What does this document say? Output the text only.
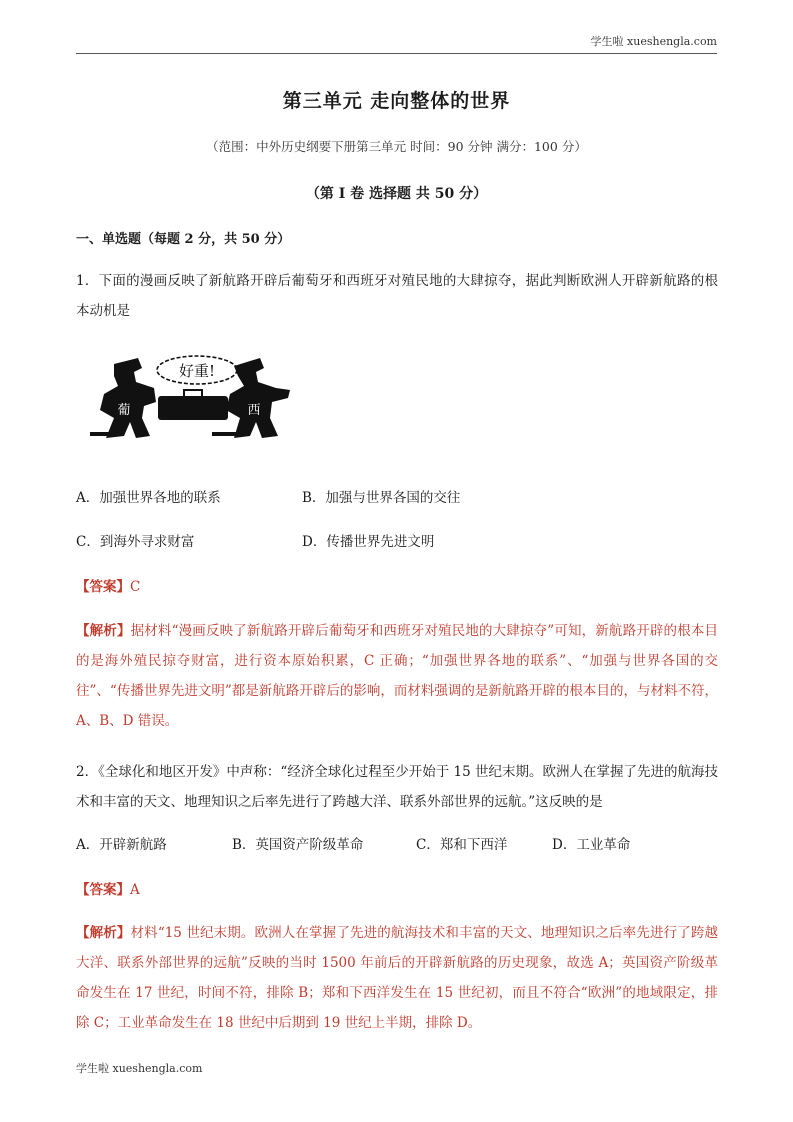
学生啦 xueshengla.com
第三单元 走向整体的世界
（范围：中外历史纲要下册第三单元 时间：90 分钟 满分：100 分）
（第 I 卷 选择题 共 50 分）
一、单选题（每题 2 分，共 50 分）
1．下面的漫画反映了新航路开辟后葡萄牙和西班牙对殖民地的大肆掠夺，据此判断欧洲人开辟新航路的根本动机是
好重!
葡	西
A．加强世界各地的联系	B．加强与世界各国的交往
C．到海外寻求财富	D．传播世界先进文明
【答案】C
【解析】据材料“漫画反映了新航路开辟后葡萄牙和西班牙对殖民地的大肆掠夺”可知，新航路开辟的根本目的是海外殖民掠夺财富，进行资本原始积累，C 正确；“加强世界各地的联系”、“加强与世界各国的交往”、“传播世界先进文明”都是新航路开辟后的影响，而材料强调的是新航路开辟的根本目的，与材料不符，A、B、D 错误。
2．《全球化和地区开发》中声称：“经济全球化过程至少开始于 15 世纪末期。欧洲人在掌握了先进的航海技术和丰富的天文、地理知识之后率先进行了跨越大洋、联系外部世界的远航。”这反映的是
A．开辟新航路	B．英国资产阶级革命	C．郑和下西洋	D．工业革命
【答案】A
【解析】材料“15 世纪末期。欧洲人在掌握了先进的航海技术和丰富的天文、地理知识之后率先进行了跨越大洋、联系外部世界的远航”反映的当时 1500 年前后的开辟新航路的历史现象，故选 A；英国资产阶级革命发生在 17 世纪，时间不符，排除 B；郑和下西洋发生在 15 世纪初，而且不符合“欧洲”的地域限定，排除 C；工业革命发生在 18 世纪中后期到 19 世纪上半期，排除 D。
学生啦 xueshengla.com
